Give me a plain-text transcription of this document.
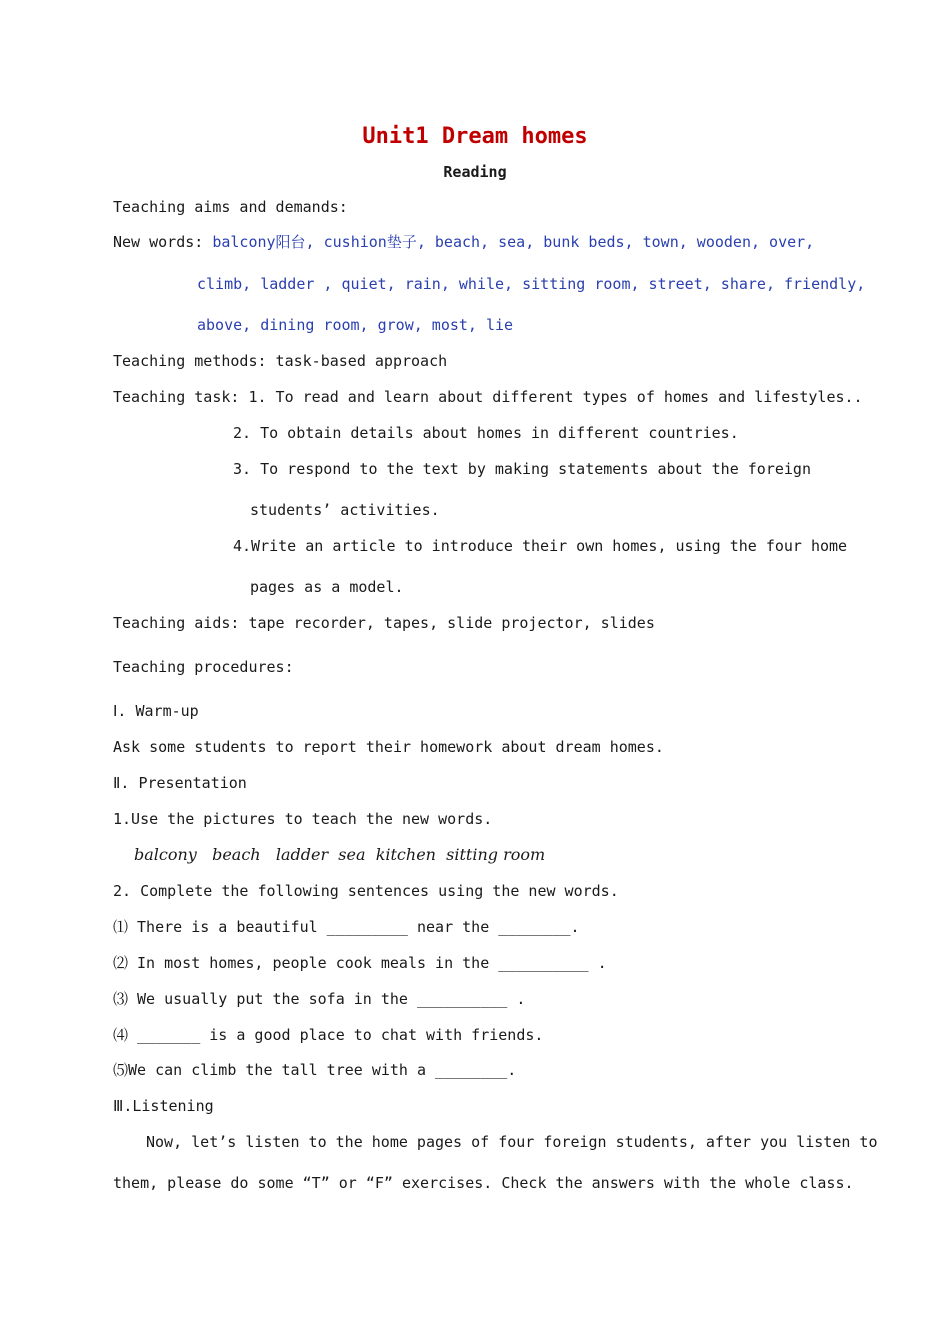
Unit1 Dream homes
Reading
Teaching aims and demands:
New words: balcony阳台, cushion垫子, beach, sea, bunk beds, town, wooden, over,
climb, ladder , quiet, rain, while, sitting room, street, share, friendly,
above, dining room, grow, most, lie
Teaching methods: task-based approach
Teaching task: 1. To read and learn about different types of homes and lifestyles..
2. To obtain details about homes in different countries.
3. To respond to the text by making statements about the foreign
students’ activities.
4.Write an article to introduce their own homes, using the four home
pages as a model.
Teaching aids: tape recorder, tapes, slide projector, slides
Teaching procedures:
Ⅰ. Warm-up
Ask some students to report their homework about dream homes.
Ⅱ. Presentation
1.Use the pictures to teach the new words.
balcony   beach   ladder  sea  kitchen  sitting room
2. Complete the following sentences using the new words.
⑴ There is a beautiful _________ near the ________.
⑵ In most homes, people cook meals in the __________ .
⑶ We usually put the sofa in the __________ .
⑷ _______ is a good place to chat with friends.
⑸We can climb the tall tree with a ________.
Ⅲ.Listening
Now, let’s listen to the home pages of four foreign students, after you listen to
them, please do some “T” or “F” exercises. Check the answers with the whole class.
